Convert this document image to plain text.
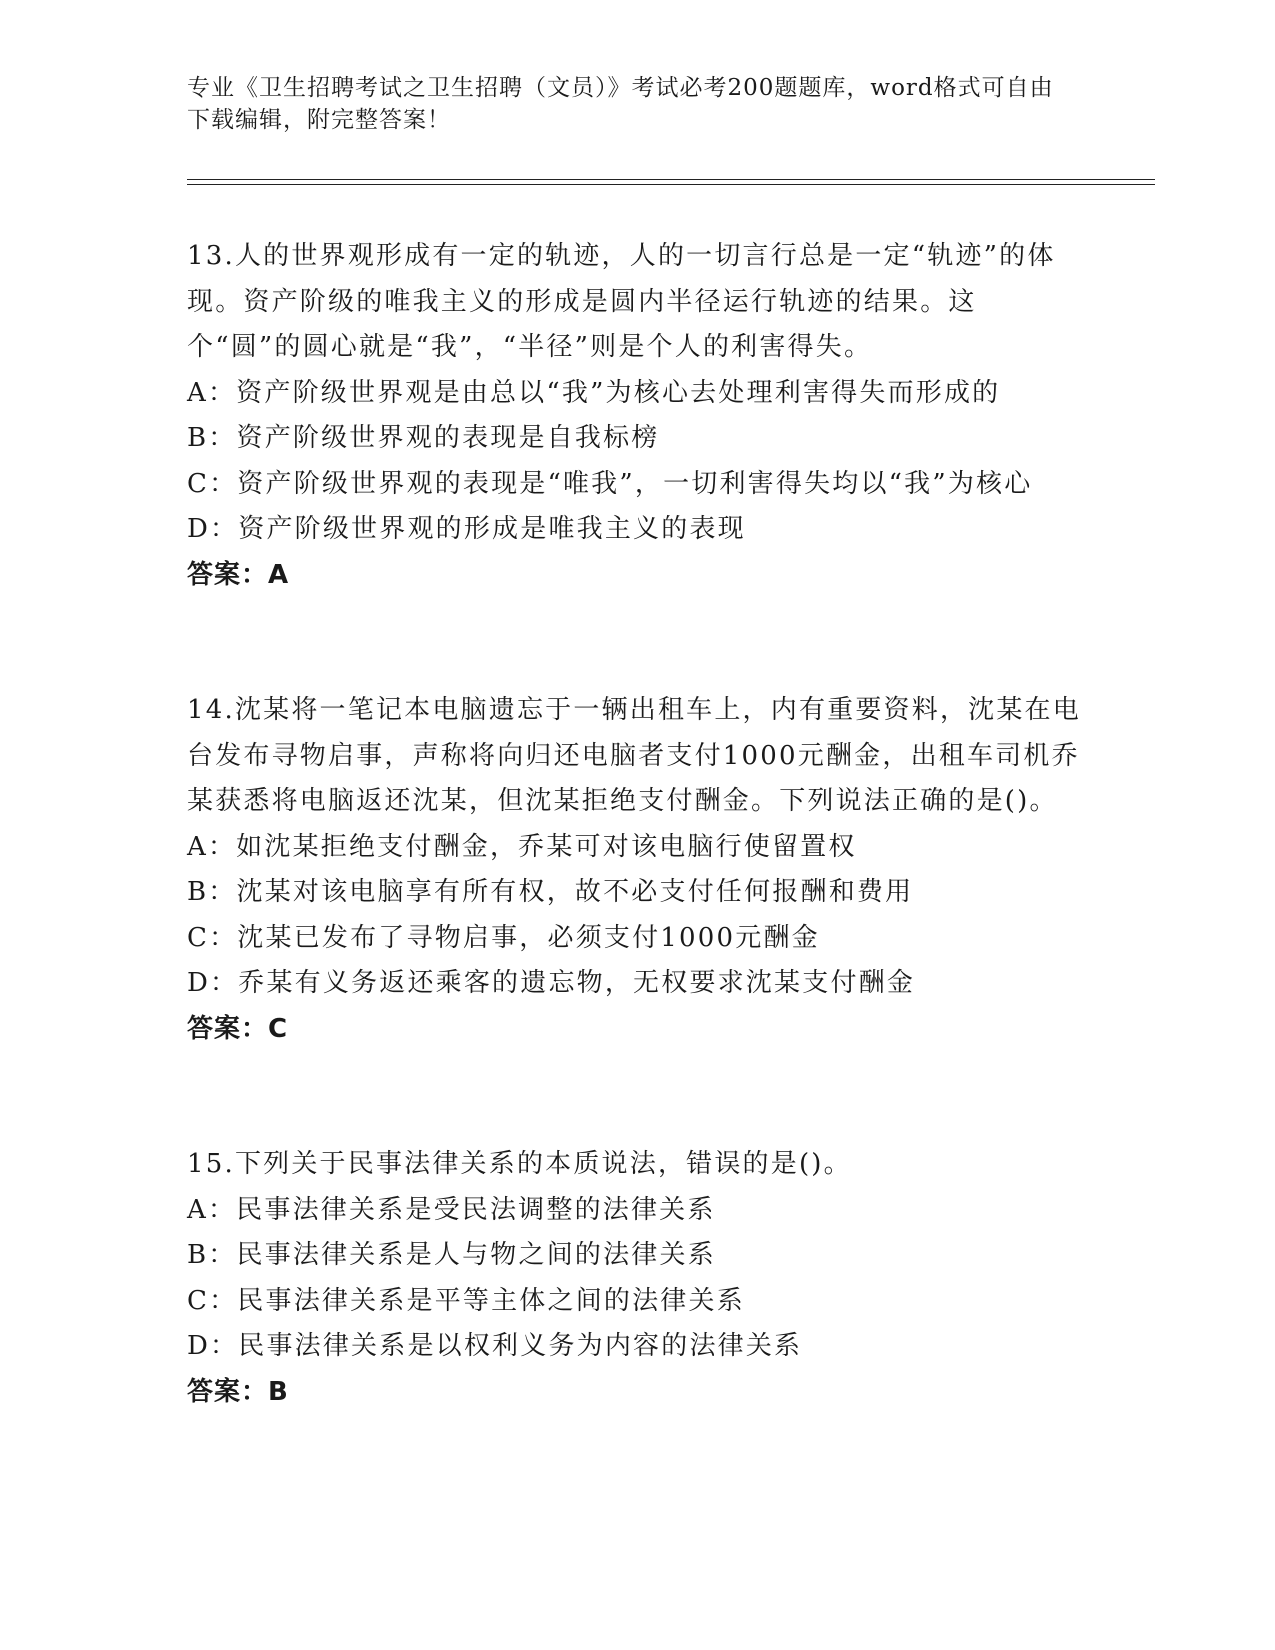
专业《卫生招聘考试之卫生招聘（文员）》考试必考200题题库，word格式可自由下载编辑，附完整答案！

13.人的世界观形成有一定的轨迹，人的一切言行总是一定“轨迹”的体现。资产阶级的唯我主义的形成是圆内半径运行轨迹的结果。这个“圆”的圆心就是“我”，“半径”则是个人的利害得失。

A：资产阶级世界观是由总以“我”为核心去处理利害得失而形成的
B：资产阶级世界观的表现是自我标榜
C：资产阶级世界观的表现是“唯我”，一切利害得失均以“我”为核心
D：资产阶级世界观的形成是唯我主义的表现
答案：A

14.沈某将一笔记本电脑遗忘于一辆出租车上，内有重要资料，沈某在电台发布寻物启事，声称将向归还电脑者支付1000元酬金，出租车司机乔某获悉将电脑返还沈某，但沈某拒绝支付酬金。下列说法正确的是()。

A：如沈某拒绝支付酬金，乔某可对该电脑行使留置权
B：沈某对该电脑享有所有权，故不必支付任何报酬和费用
C：沈某已发布了寻物启事，必须支付1000元酬金
D：乔某有义务返还乘客的遗忘物，无权要求沈某支付酬金
答案：C

15.下列关于民事法律关系的本质说法，错误的是()。

A：民事法律关系是受民法调整的法律关系
B：民事法律关系是人与物之间的法律关系
C：民事法律关系是平等主体之间的法律关系
D：民事法律关系是以权利义务为内容的法律关系
答案：B
